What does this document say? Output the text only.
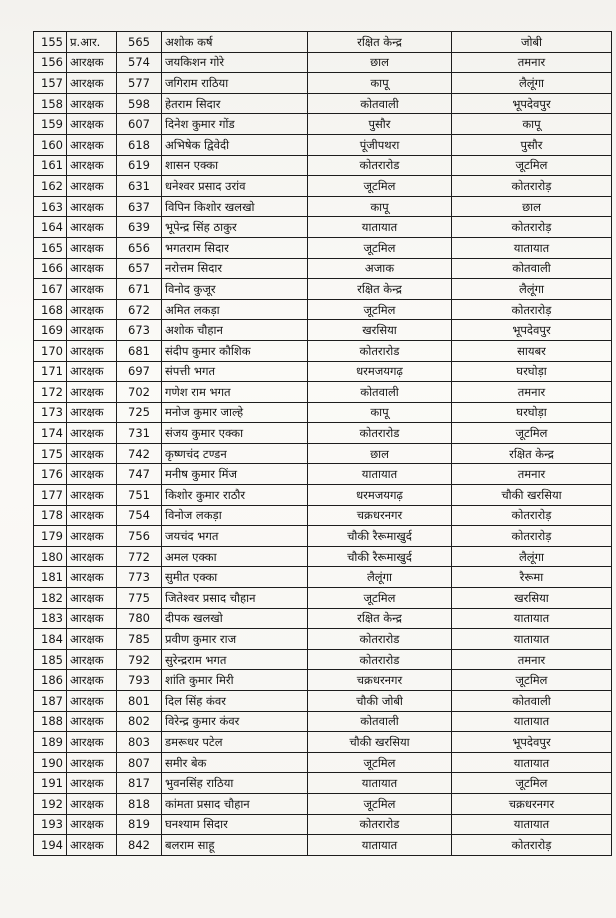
155	प्र.आर.	565	अशोक कर्ष	रक्षित केन्द्र	जोबी
156	आरक्षक	574	जयकिशन गोरे	छाल	तमनार
157	आरक्षक	577	जगिराम राठिया	कापू	लैलूंगा
158	आरक्षक	598	हेतराम सिदार	कोतवाली	भूपदेवपुर
159	आरक्षक	607	दिनेश कुमार गोंड	पुसौर	कापू
160	आरक्षक	618	अभिषेक द्विवेदी	पूंजीपथरा	पुसौर
161	आरक्षक	619	शासन एक्का	कोतरारोड	जूटमिल
162	आरक्षक	631	धनेश्वर प्रसाद उरांव	जूटमिल	कोतरारोड़
163	आरक्षक	637	विपिन किशोर खलखो	कापू	छाल
164	आरक्षक	639	भूपेन्द्र सिंह ठाकुर	यातायात	कोतरारोड़
165	आरक्षक	656	भगतराम सिदार	जूटमिल	यातायात
166	आरक्षक	657	नरोत्तम सिदार	अजाक	कोतवाली
167	आरक्षक	671	विनोद कुजूर	रक्षित केन्द्र	लैलूंगा
168	आरक्षक	672	अमित लकड़ा	जूटमिल	कोतरारोड़
169	आरक्षक	673	अशोक चौहान	खरसिया	भूपदेवपुर
170	आरक्षक	681	संदीप कुमार कौशिक	कोतरारोड	सायबर
171	आरक्षक	697	संपत्ती भगत	धरमजयगढ़	घरघोड़ा
172	आरक्षक	702	गणेश राम भगत	कोतवाली	तमनार
173	आरक्षक	725	मनोज कुमार जाल्हे	कापू	घरघोड़ा
174	आरक्षक	731	संजय कुमार एक्का	कोतरारोड	जूटमिल
175	आरक्षक	742	कृष्णचंद टण्डन	छाल	रक्षित केन्द्र
176	आरक्षक	747	मनीष कुमार मिंज	यातायात	तमनार
177	आरक्षक	751	किशोर कुमार राठौर	धरमजयगढ़	चौकी खरसिया
178	आरक्षक	754	विनोज लकड़ा	चक्रधरनगर	कोतरारोड़
179	आरक्षक	756	जयचंद भगत	चौकी रैरूमाखुर्द	कोतरारोड़
180	आरक्षक	772	अमल एक्का	चौकी रैरूमाखुर्द	लैलूंगा
181	आरक्षक	773	सुमीत एक्का	लैलूंगा	रैरूमा
182	आरक्षक	775	जितेश्वर प्रसाद चौहान	जूटमिल	खरसिया
183	आरक्षक	780	दीपक खलखो	रक्षित केन्द्र	यातायात
184	आरक्षक	785	प्रवीण कुमार राज	कोतरारोड	यातायात
185	आरक्षक	792	सुरेन्द्रराम भगत	कोतरारोड	तमनार
186	आरक्षक	793	शांति कुमार मिरी	चक्रधरनगर	जूटमिल
187	आरक्षक	801	दिल सिंह कंवर	चौकी जोबी	कोतवाली
188	आरक्षक	802	विरेन्द्र कुमार कंवर	कोतवाली	यातायात
189	आरक्षक	803	डमरूधर पटेल	चौकी खरसिया	भूपदेवपुर
190	आरक्षक	807	समीर बेक	जूटमिल	यातायात
191	आरक्षक	817	भुवनसिंह राठिया	यातायात	जूटमिल
192	आरक्षक	818	कांमता प्रसाद चौहान	जूटमिल	चक्रधरनगर
193	आरक्षक	819	घनश्याम सिदार	कोतरारोड	यातायात
194	आरक्षक	842	बलराम साहू	यातायात	कोतरारोड़
